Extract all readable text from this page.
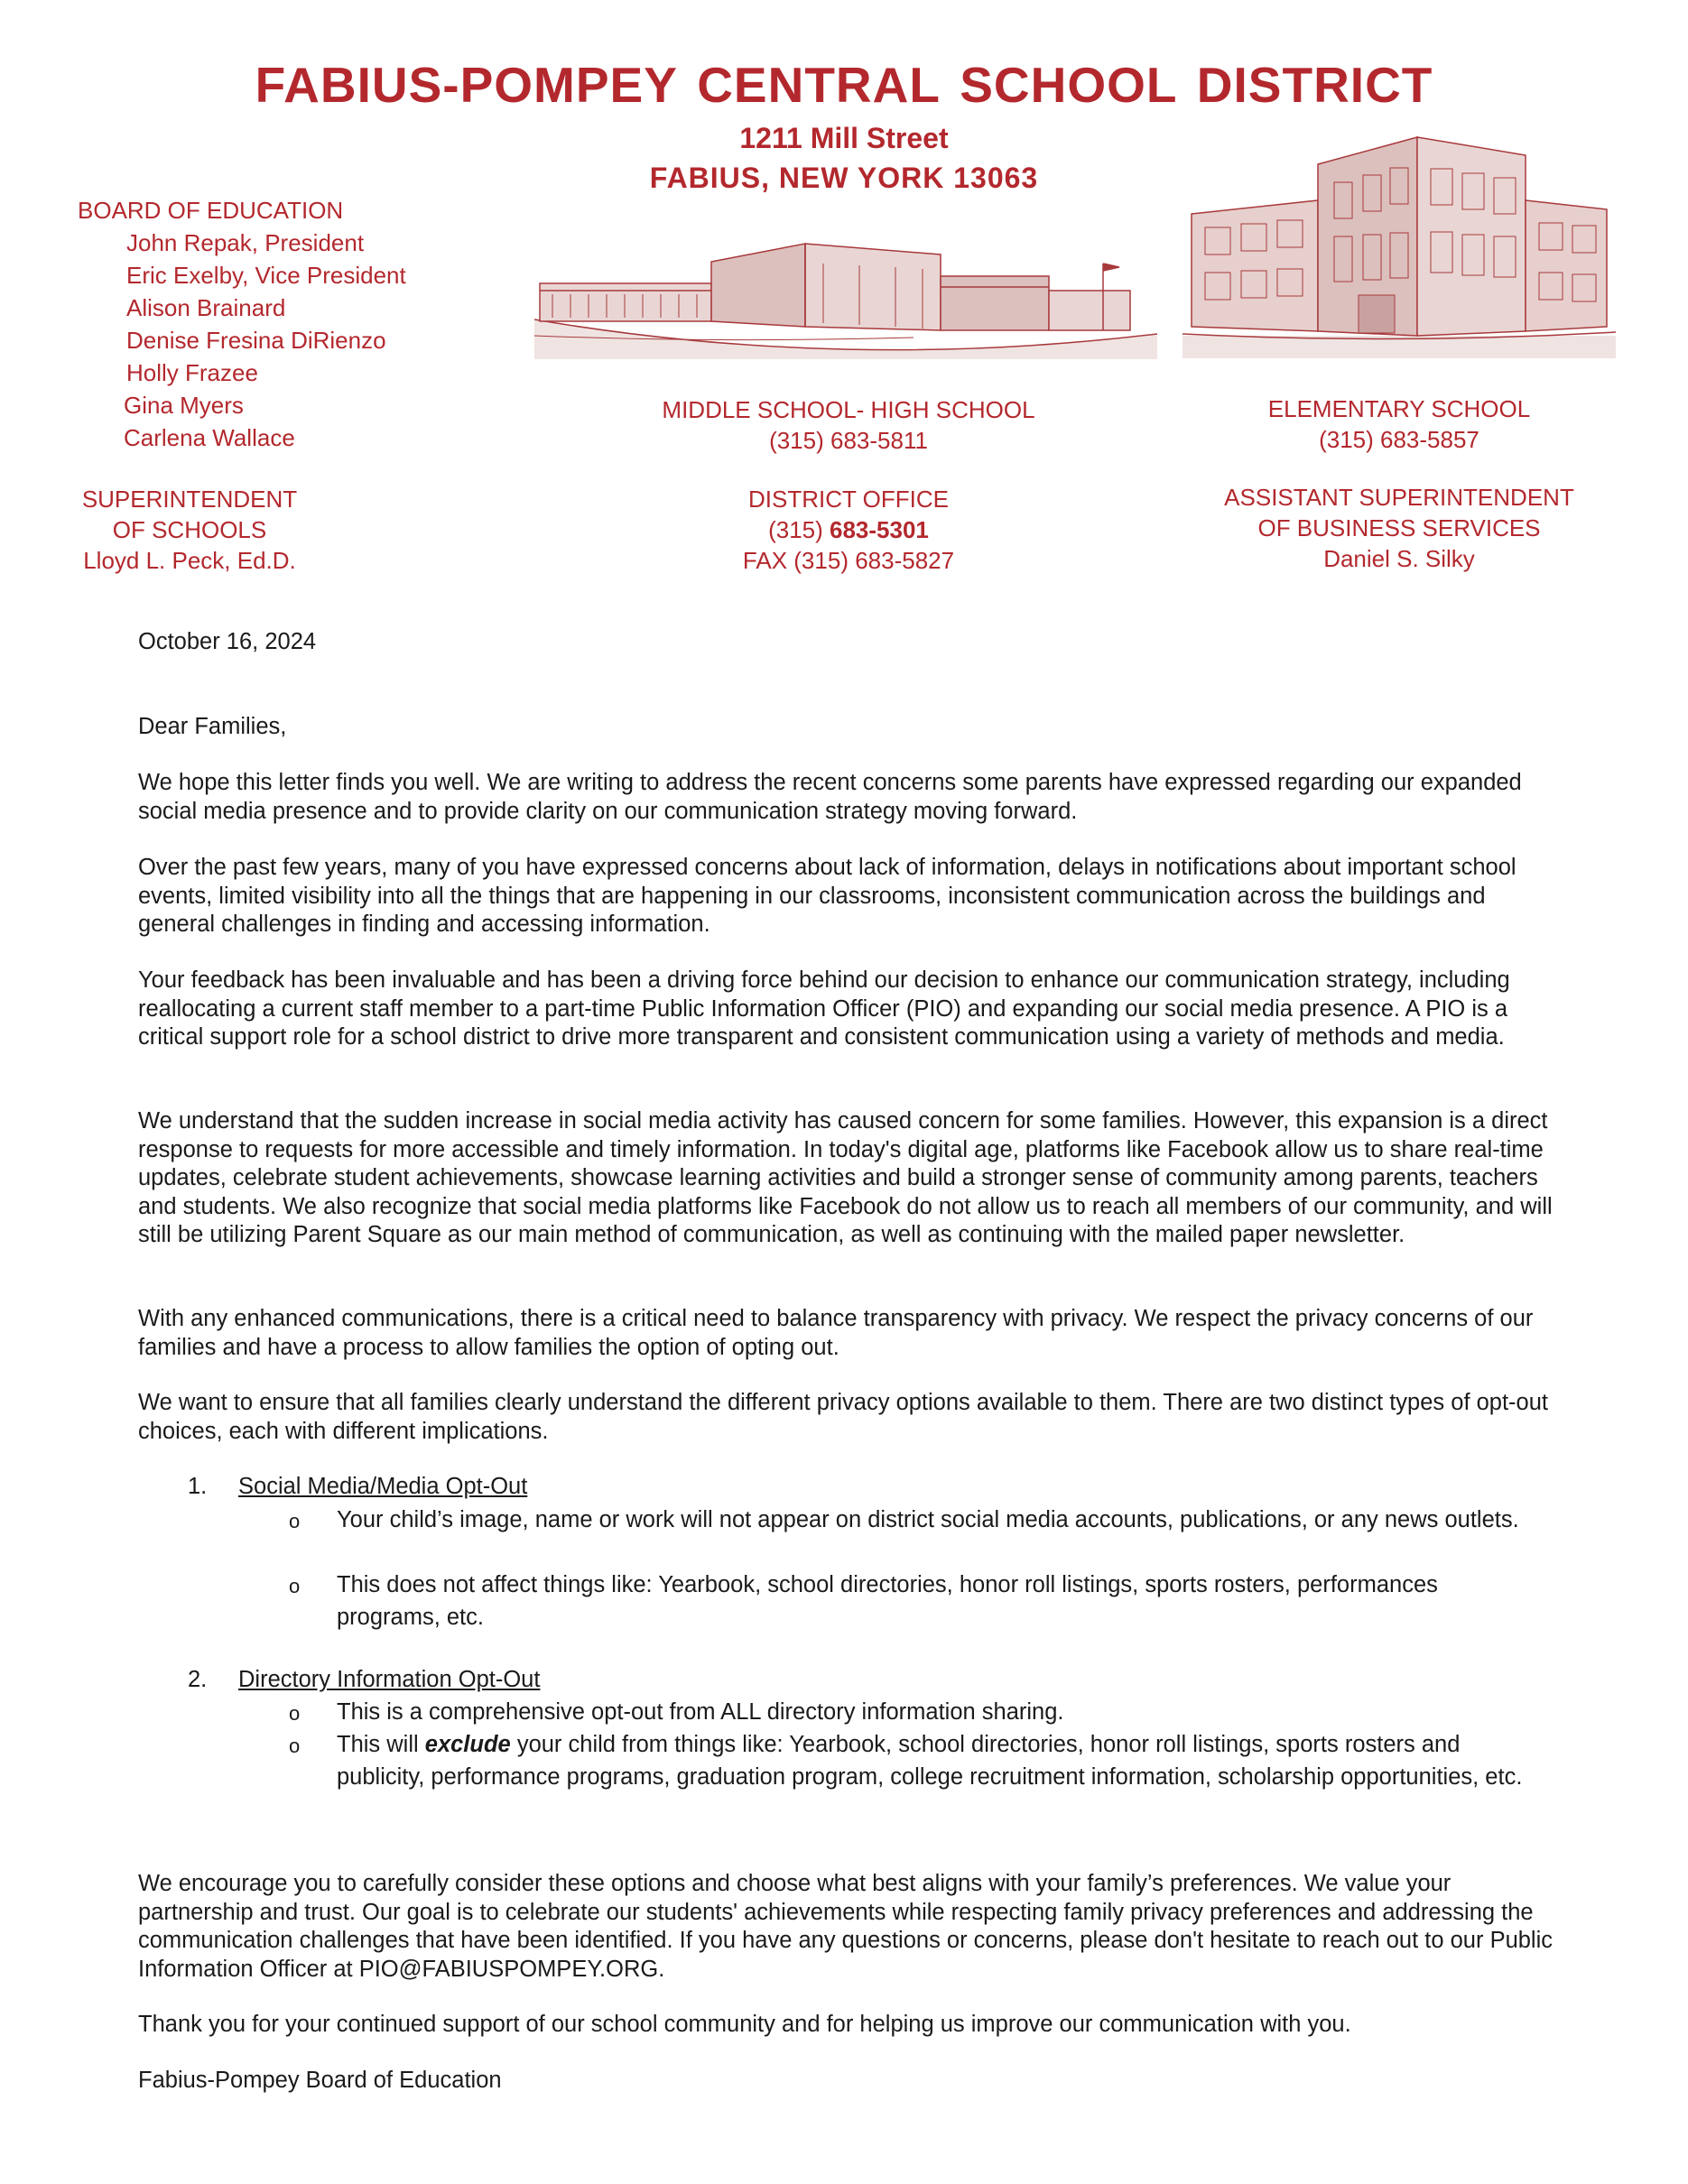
FABIUS-POMPEY CENTRAL SCHOOL DISTRICT
1211 Mill Street
FABIUS, NEW YORK 13063
BOARD OF EDUCATION
John Repak, President
Eric Exelby, Vice President
Alison Brainard
Denise Fresina DiRienzo
Holly Frazee
Gina Myers
Carlena Wallace
SUPERINTENDENT
OF SCHOOLS
Lloyd L. Peck, Ed.D.
MIDDLE SCHOOL- HIGH SCHOOL
(315) 683-5811
DISTRICT OFFICE
(315) 683-5301
FAX (315) 683-5827
ELEMENTARY SCHOOL
(315) 683-5857
ASSISTANT SUPERINTENDENT
OF BUSINESS SERVICES
Daniel S. Silky
October 16, 2024
Dear Families,
We hope this letter finds you well. We are writing to address the recent concerns some parents have expressed regarding our expanded social media presence and to provide clarity on our communication strategy moving forward.
Over the past few years, many of you have expressed concerns about lack of information, delays in notifications about important school events, limited visibility into all the things that are happening in our classrooms, inconsistent communication across the buildings and general challenges in finding and accessing information.
Your feedback has been invaluable and has been a driving force behind our decision to enhance our communication strategy, including reallocating a current staff member to a part-time Public Information Officer (PIO) and expanding our social media presence. A PIO is a critical support role for a school district to drive more transparent and consistent communication using a variety of methods and media.
We understand that the sudden increase in social media activity has caused concern for some families. However, this expansion is a direct response to requests for more accessible and timely information. In today's digital age, platforms like Facebook allow us to share real-time updates, celebrate student achievements, showcase learning activities and build a stronger sense of community among parents, teachers and students. We also recognize that social media platforms like Facebook do not allow us to reach all members of our community, and will still be utilizing Parent Square as our main method of communication, as well as continuing with the mailed paper newsletter.
With any enhanced communications, there is a critical need to balance transparency with privacy. We respect the privacy concerns of our families and have a process to allow families the option of opting out.
We want to ensure that all families clearly understand the different privacy options available to them. There are two distinct types of opt-out choices, each with different implications.
1. Social Media/Media Opt-Out
o Your child’s image, name or work will not appear on district social media accounts, publications, or any news outlets.
o This does not affect things like: Yearbook, school directories, honor roll listings, sports rosters, performances programs, etc.
2. Directory Information Opt-Out
o This is a comprehensive opt-out from ALL directory information sharing.
o This will exclude your child from things like: Yearbook, school directories, honor roll listings, sports rosters and publicity, performance programs, graduation program, college recruitment information, scholarship opportunities, etc.
We encourage you to carefully consider these options and choose what best aligns with your family’s preferences. We value your partnership and trust. Our goal is to celebrate our students' achievements while respecting family privacy preferences and addressing the communication challenges that have been identified. If you have any questions or concerns, please don't hesitate to reach out to our Public Information Officer at PIO@FABIUSPOMPEY.ORG.
Thank you for your continued support of our school community and for helping us improve our communication with you.
Fabius-Pompey Board of Education
